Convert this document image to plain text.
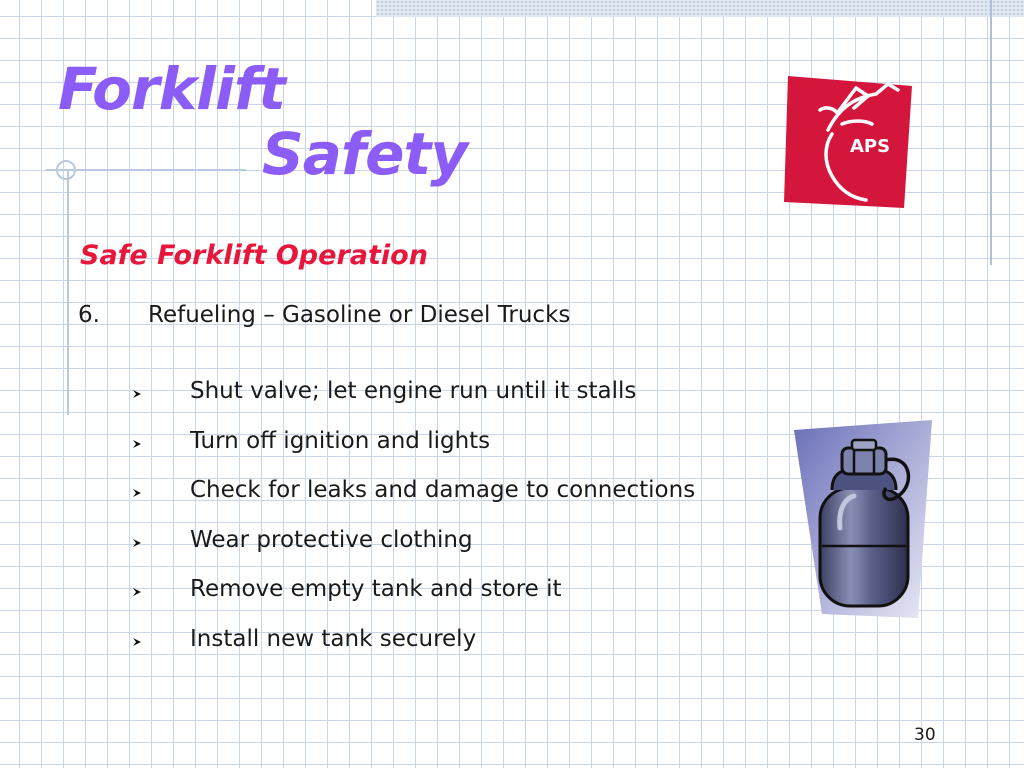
Forklift
Safety	APS
Safe Forklift Operation
6. Refueling – Gasoline or Diesel Trucks
Shut valve; let engine run until it stalls
Turn off ignition and lights
Check for leaks and damage to connections
Wear protective clothing
Remove empty tank and store it
Install new tank securely
30
